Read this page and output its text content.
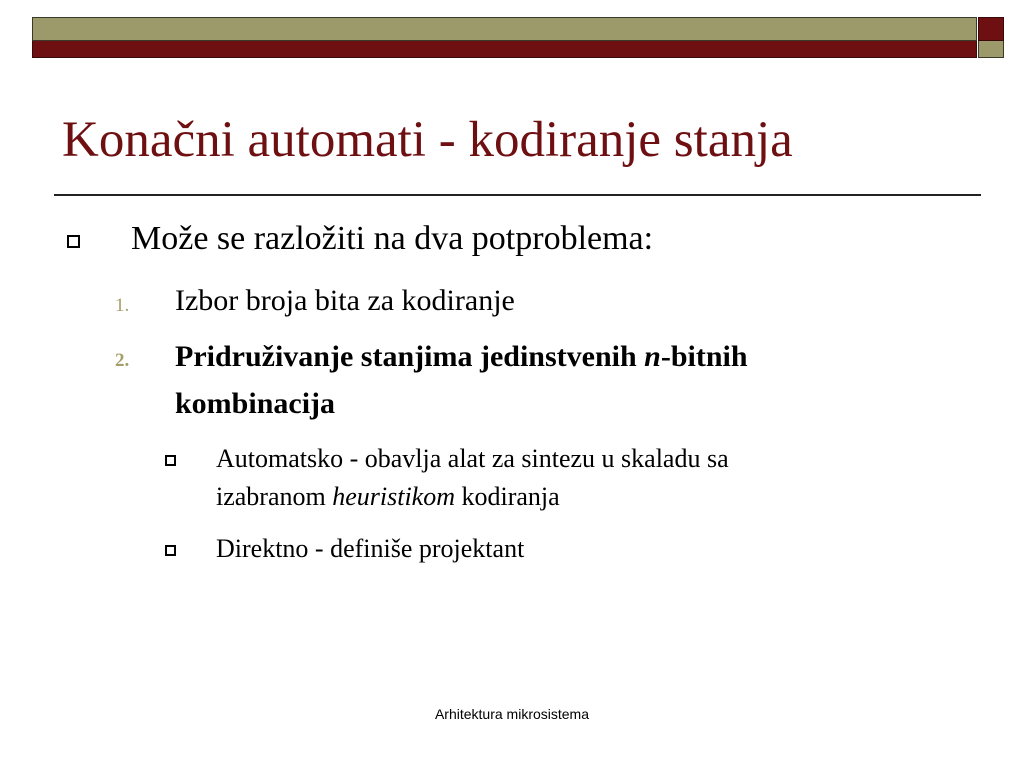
Konačni automati - kodiranje stanja
Može se razložiti na dva potproblema:
1. Izbor broja bita za kodiranje
2. Pridruživanje stanjima jedinstvenih n-bitnih
kombinacija
Automatsko - obavlja alat za sintezu u skaladu sa
izabranom heuristikom kodiranja
Direktno - definiše projektant
Arhitektura mikrosistema
